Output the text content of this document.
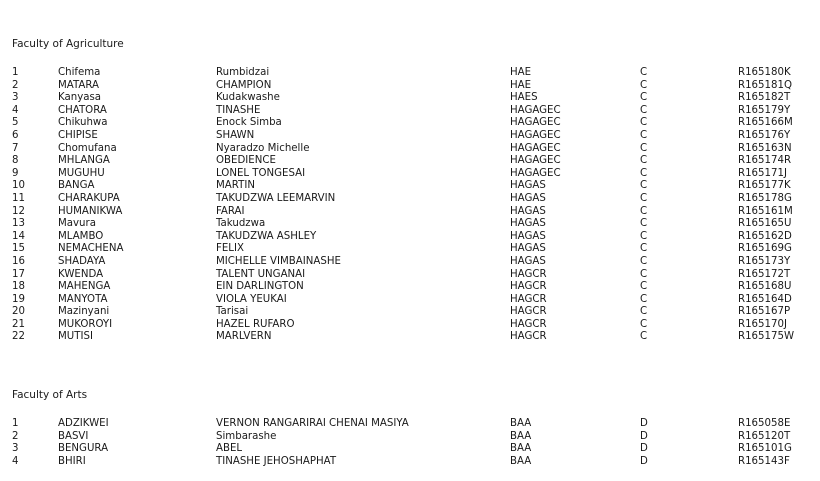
Faculty of Agriculture
1	Chifema	Rumbidzai	HAE	C	R165180K
2	MATARA	CHAMPION	HAE	C	R165181Q
3	Kanyasa	Kudakwashe	HAES	C	R165182T
4	CHATORA	TINASHE	HAGAGEC	C	R165179Y
5	Chikuhwa	Enock Simba	HAGAGEC	C	R165166M
6	CHIPISE	SHAWN	HAGAGEC	C	R165176Y
7	Chomufana	Nyaradzo Michelle	HAGAGEC	C	R165163N
8	MHLANGA	OBEDIENCE	HAGAGEC	C	R165174R
9	MUGUHU	LONEL TONGESAI	HAGAGEC	C	R165171J
10	BANGA	MARTIN	HAGAS	C	R165177K
11	CHARAKUPA	TAKUDZWA LEEMARVIN	HAGAS	C	R165178G
12	HUMANIKWA	FARAI	HAGAS	C	R165161M
13	Mavura	Takudzwa	HAGAS	C	R165165U
14	MLAMBO	TAKUDZWA ASHLEY	HAGAS	C	R165162D
15	NEMACHENA	FELIX	HAGAS	C	R165169G
16	SHADAYA	MICHELLE VIMBAINASHE	HAGAS	C	R165173Y
17	KWENDA	TALENT UNGANAI	HAGCR	C	R165172T
18	MAHENGA	EIN DARLINGTON	HAGCR	C	R165168U
19	MANYOTA	VIOLA YEUKAI	HAGCR	C	R165164D
20	Mazinyani	Tarisai	HAGCR	C	R165167P
21	MUKOROYI	HAZEL RUFARO	HAGCR	C	R165170J
22	MUTISI	MARLVERN	HAGCR	C	R165175W
Faculty of Arts
1	ADZIKWEI	VERNON RANGARIRAI CHENAI MASIYA	BAA	D	R165058E
2	BASVI	Simbarashe	BAA	D	R165120T
3	BENGURA	ABEL	BAA	D	R165101G
4	BHIRI	TINASHE JEHOSHAPHAT	BAA	D	R165143F
